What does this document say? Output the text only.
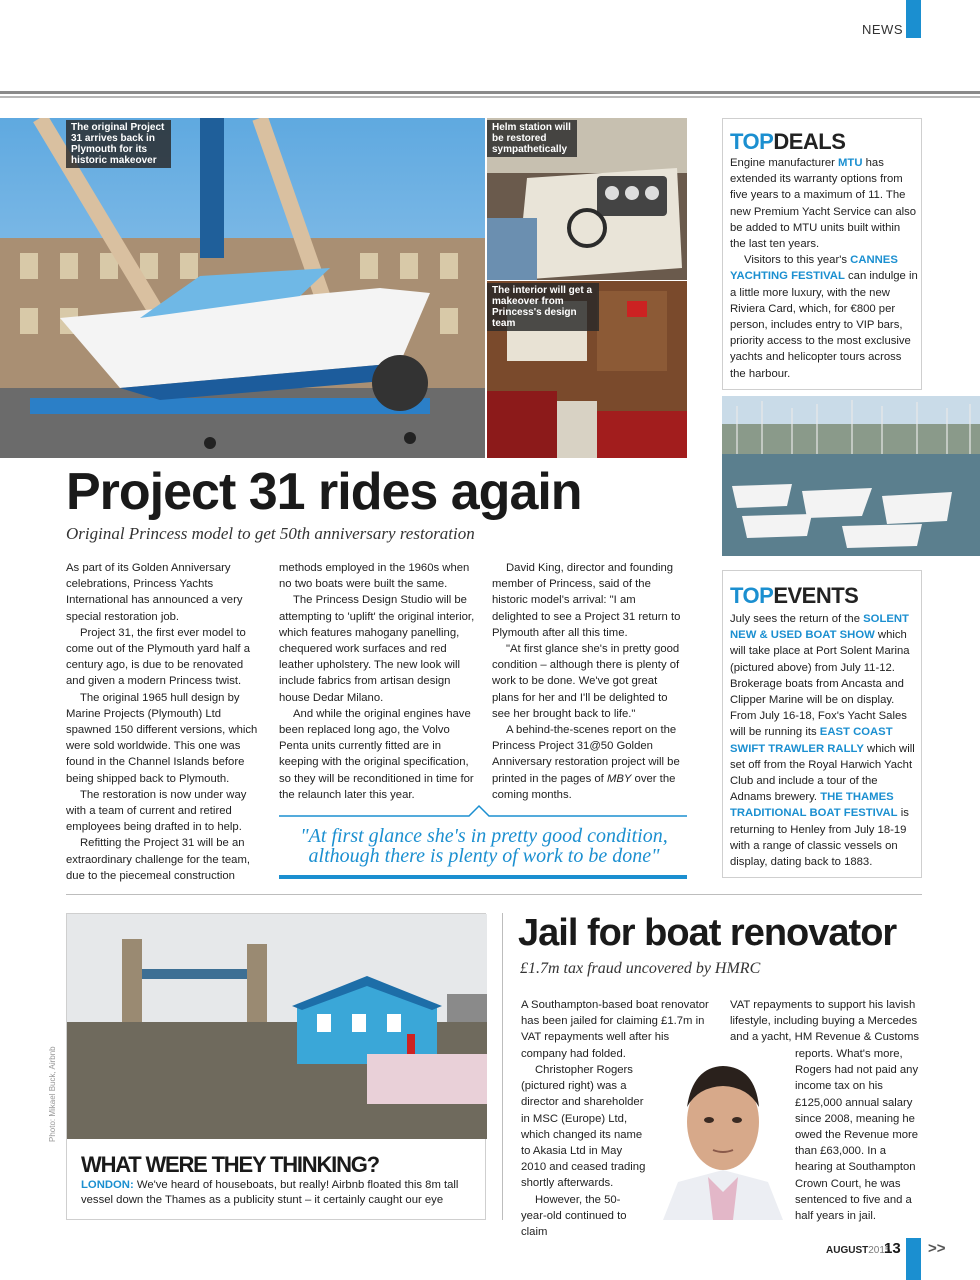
NEWS
The original Project 31 arrives back in Plymouth for its historic makeover
Helm station will be restored sympathetically
The interior will get a makeover from Princess's design team
Project 31 rides again
Original Princess model to get 50th anniversary restoration

As part of its Golden Anniversary celebrations, Princess Yachts International has announced a very special restoration job.

Project 31, the first ever model to come out of the Plymouth yard half a century ago, is due to be renovated and given a modern Princess twist.

The original 1965 hull design by Marine Projects (Plymouth) Ltd spawned 150 different versions, which were sold worldwide. This one was found in the Channel Islands before being shipped back to Plymouth.

The restoration is now under way with a team of current and retired employees being drafted in to help.

Refitting the Project 31 will be an extraordinary challenge for the team, due to the piecemeal construction

methods employed in the 1960s when no two boats were built the same.

The Princess Design Studio will be attempting to 'uplift' the original interior, which features mahogany panelling, chequered work surfaces and red leather upholstery. The new look will include fabrics from artisan design house Dedar Milano.

And while the original engines have been replaced long ago, the Volvo Penta units currently fitted are in keeping with the original specification, so they will be reconditioned in time for the relaunch later this year.

David King, director and founding member of Princess, said of the historic model's arrival: "I am delighted to see a Project 31 return to Plymouth after all this time.

"At first glance she's in pretty good condition – although there is plenty of work to be done. We've got great plans for her and I'll be delighted to see her brought back to life."

A behind-the-scenes report on the Princess Project 31@50 Golden Anniversary restoration project will be printed in the pages of MBY over the coming months.

"At first glance she's in pretty good condition, although there is plenty of work to be done"
TOPDEALS

Engine manufacturer MTU has extended its warranty options from five years to a maximum of 11. The new Premium Yacht Service can also be added to MTU units built within the last ten years.

Visitors to this year's CANNES YACHTING FESTIVAL can indulge in a little more luxury, with the new Riviera Card, which, for €800 per person, includes entry to VIP bars, priority access to the most exclusive yachts and helicopter tours across the harbour.

TOPEVENTS

July sees the return of the SOLENT NEW & USED BOAT SHOW which will take place at Port Solent Marina (pictured above) from July 11-12. Brokerage boats from Ancasta and Clipper Marine will be on display. From July 16-18, Fox's Yacht Sales will be running its EAST COAST SWIFT TRAWLER RALLY which will set off from the Royal Harwich Yacht Club and include a tour of the Adnams brewery. THE THAMES TRADITIONAL BOAT FESTIVAL is returning to Henley from July 18-19 with a range of classic vessels on display, dating back to 1883.

WHAT WERE THEY THINKING?
LONDON: We've heard of houseboats, but really! Airbnb floated this 8m tall vessel down the Thames as a publicity stunt – it certainly caught our eye
Photo: Mikael Buck, Airbnb
Jail for boat renovator
£1.7m tax fraud uncovered by HMRC

A Southampton-based boat renovator has been jailed for claiming £1.7m in VAT repayments well after his company had folded.

Christopher Rogers (pictured right) was a director and shareholder in MSC (Europe) Ltd, which changed its name to Akasia Ltd in May 2010 and ceased trading shortly afterwards.

However, the 50-year-old continued to claim

VAT repayments to support his lavish lifestyle, including buying a Mercedes and a yacht, HM Revenue & Customs

reports. What's more, Rogers had not paid any income tax on his £125,000 annual salary since 2008, meaning he owed the Revenue more than £63,000. In a hearing at Southampton Crown Court, he was sentenced to five and a half years in jail.

AUGUST2015
13 >>
